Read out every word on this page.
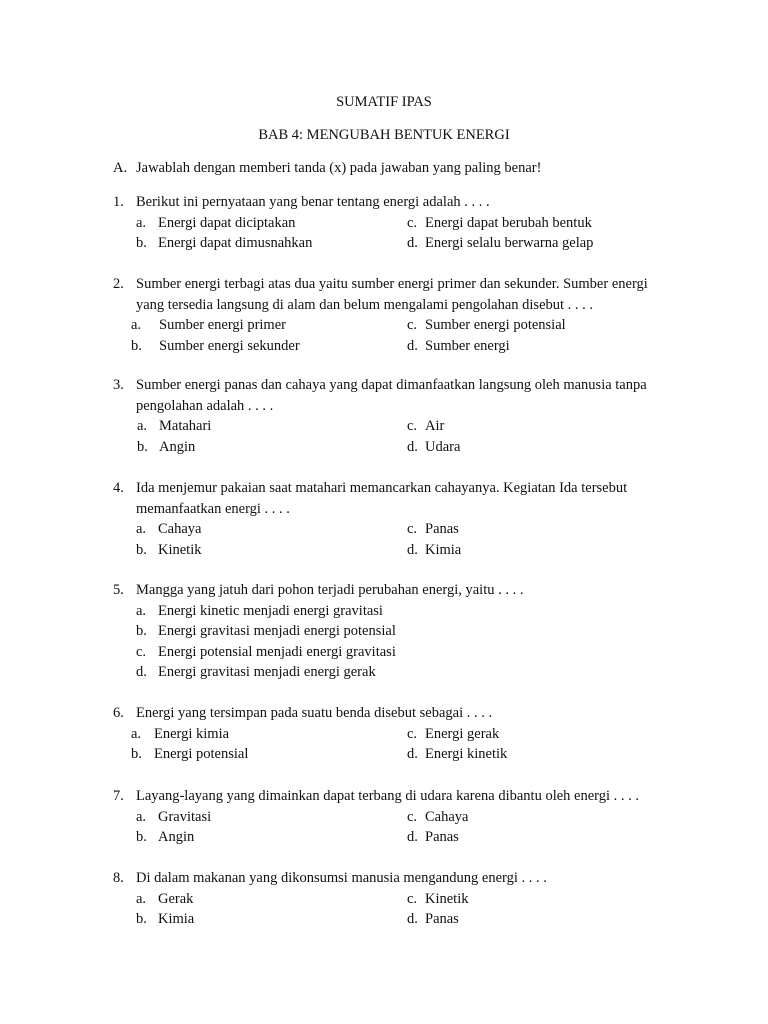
SUMATIF IPAS
BAB 4: MENGUBAH BENTUK ENERGI
A. Jawablah dengan memberi tanda (x) pada jawaban yang paling benar!
1. Berikut ini pernyataan yang benar tentang energi adalah . . . .
a. Energi dapat diciptakan
b. Energi dapat dimusnahkan
c. Energi dapat berubah bentuk
d. Energi selalu berwarna gelap
2. Sumber energi terbagi atas dua yaitu sumber energi primer dan sekunder. Sumber energi
yang tersedia langsung di alam dan belum mengalami pengolahan disebut . . . .
a. Sumber energi primer
b. Sumber energi sekunder
c. Sumber energi potensial
d. Sumber energi
3. Sumber energi panas dan cahaya yang dapat dimanfaatkan langsung oleh manusia tanpa
pengolahan adalah . . . .
a. Matahari
b. Angin
c. Air
d. Udara
4. Ida menjemur pakaian saat matahari memancarkan cahayanya. Kegiatan Ida tersebut
memanfaatkan energi . . . .
a. Cahaya
b. Kinetik
c. Panas
d. Kimia
5. Mangga yang jatuh dari pohon terjadi perubahan energi, yaitu . . . .
a. Energi kinetic menjadi energi gravitasi
b. Energi gravitasi menjadi energi potensial
c. Energi potensial menjadi energi gravitasi
d. Energi gravitasi menjadi energi gerak
6. Energi yang tersimpan pada suatu benda disebut sebagai . . . .
a. Energi kimia
b. Energi potensial
c. Energi gerak
d. Energi kinetik
7. Layang-layang yang dimainkan dapat terbang di udara karena dibantu oleh energi . . . .
a. Gravitasi
b. Angin
c. Cahaya
d. Panas
8. Di dalam makanan yang dikonsumsi manusia mengandung energi . . . .
a. Gerak
b. Kimia
c. Kinetik
d. Panas
